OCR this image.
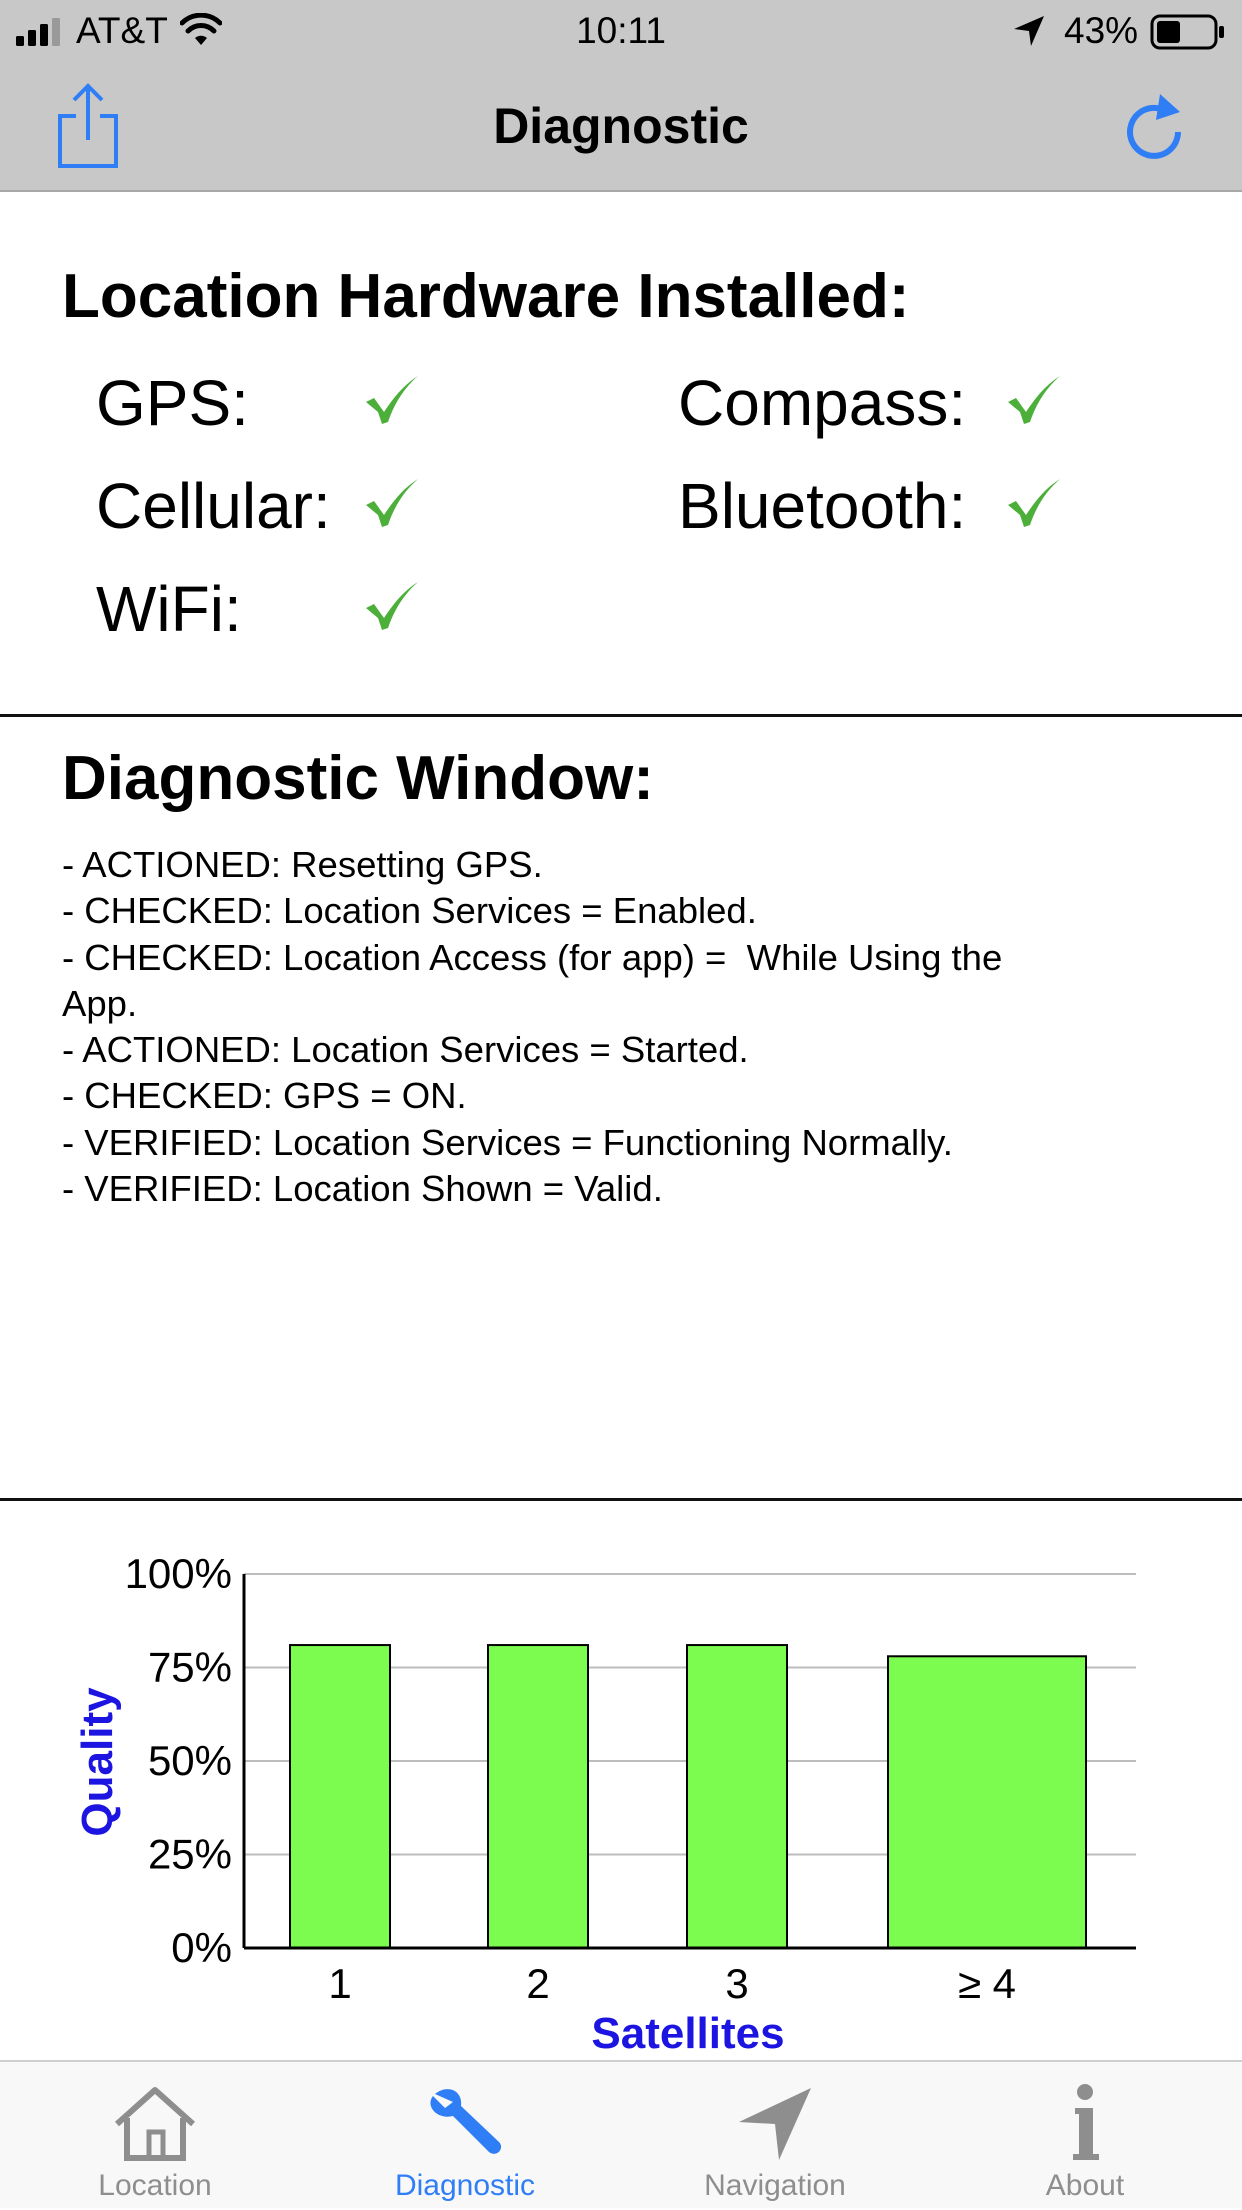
AT&T	10:11	43%
Diagnostic
Location Hardware Installed:
GPS:	Compass:
Cellular:	Bluetooth:
WiFi:
Diagnostic Window:
- ACTIONED: Resetting GPS.
- CHECKED: Location Services = Enabled.
- CHECKED: Location Access (for app) =  While Using the
App.
- ACTIONED: Location Services = Started.
- CHECKED: GPS = ON.
- VERIFIED: Location Services = Functioning Normally.
- VERIFIED: Location Shown = Valid.
0%
25%
50%
75%
100%
1	2	3	≥ 4
Satellites
Quality
Location	Diagnostic	Navigation	About
